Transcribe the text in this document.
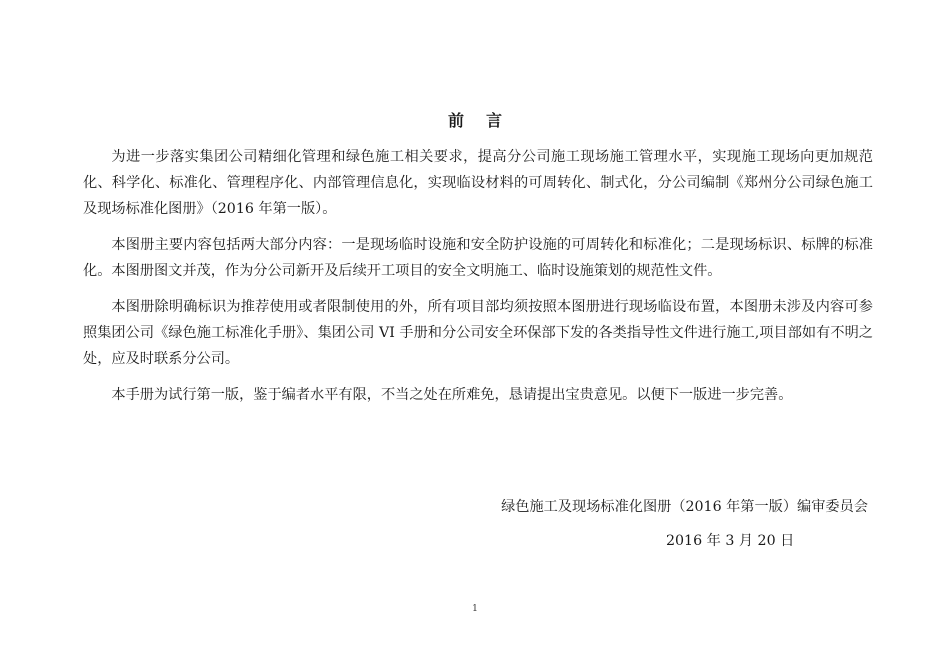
前 言

为进一步落实集团公司精细化管理和绿色施工相关要求，提高分公司施工现场施工管理水平，实现施工现场向更加规范化、科学化、标准化、管理程序化、内部管理信息化，实现临设材料的可周转化、制式化，分公司编制《郑州分公司绿色施工及现场标准化图册》（2016 年第一版）。

本图册主要内容包括两大部分内容：一是现场临时设施和安全防护设施的可周转化和标准化；二是现场标识、标牌的标准化。本图册图文并茂，作为分公司新开及后续开工项目的安全文明施工、临时设施策划的规范性文件。

本图册除明确标识为推荐使用或者限制使用的外，所有项目部均须按照本图册进行现场临设布置，本图册未涉及内容可参照集团公司《绿色施工标准化手册》、集团公司 VI 手册和分公司安全环保部下发的各类指导性文件进行施工,项目部如有不明之处，应及时联系分公司。

本手册为试行第一版，鉴于编者水平有限，不当之处在所难免，恳请提出宝贵意见。以便下一版进一步完善。

绿色施工及现场标准化图册（2016 年第一版）编审委员会
2016 年 3 月 20 日
1
